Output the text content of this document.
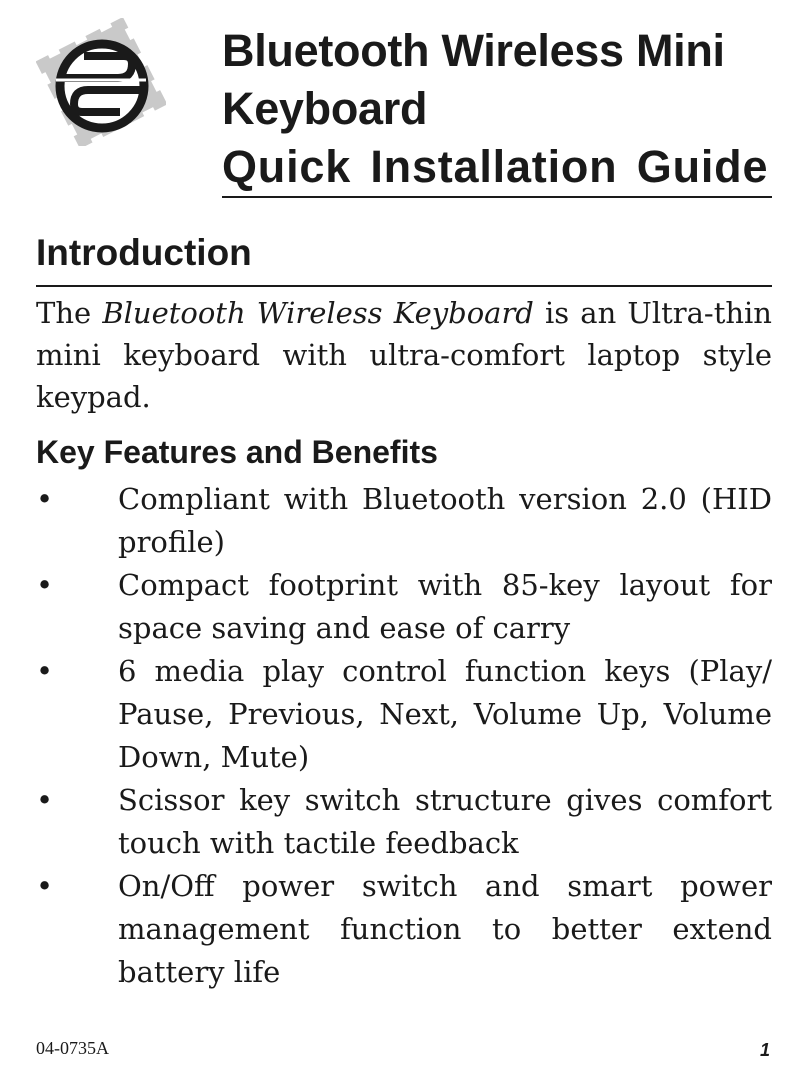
Bluetooth Wireless Mini
Keyboard
Quick Installation Guide
Introduction

The Bluetooth Wireless Keyboard is an Ultra-thin mini keyboard with ultra-comfort laptop style keypad.

Key Features and Benefits
• Compliant with Bluetooth version 2.0 (HID profile)
• Compact footprint with 85-key layout for space saving and ease of carry
• 6 media play control function keys (Play/ Pause, Previous, Next, Volume Up, Volume Down, Mute)
• Scissor key switch structure gives comfort touch with tactile feedback
• On/Off power switch and smart power management function to better extend battery life
04-0735A	1
